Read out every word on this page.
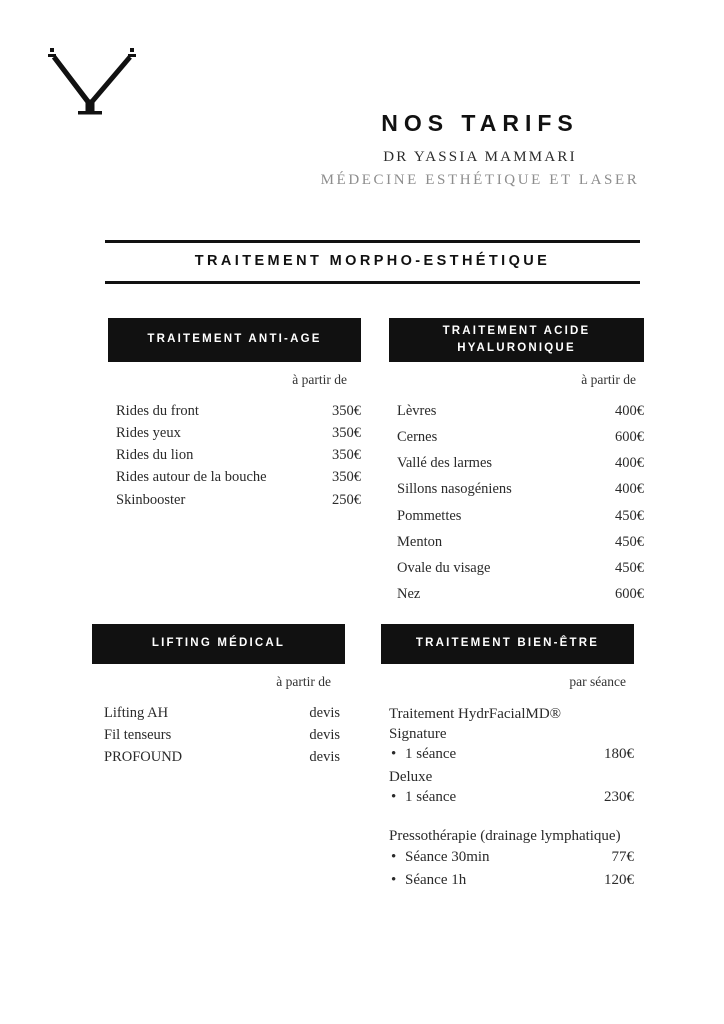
NOS TARIFS
DR YASSIA MAMMARI
MÉDECINE ESTHÉTIQUE ET LASER
TRAITEMENT MORPHO-ESTHÉTIQUE
TRAITEMENT ANTI-AGE
à partir de
Rides du front	350€
Rides yeux	350€
Rides du lion	350€
Rides autour de la bouche	350€
Skinbooster	250€
TRAITEMENT ACIDE HYALURONIQUE
à partir de
Lèvres	400€
Cernes	600€
Vallé des larmes	400€
Sillons nasogéniens	400€
Pommettes	450€
Menton	450€
Ovale du visage	450€
Nez	600€
LIFTING MÉDICAL
à partir de
Lifting AH	devis
Fil tenseurs	devis
PROFOUND	devis
TRAITEMENT BIEN-ÊTRE
par séance
Traitement HydrFacialMD® Signature
• 1 séance	180€
Deluxe
• 1 séance	230€
Pressothérapie (drainage lymphatique)
• Séance 30min	77€
• Séance 1h	120€
